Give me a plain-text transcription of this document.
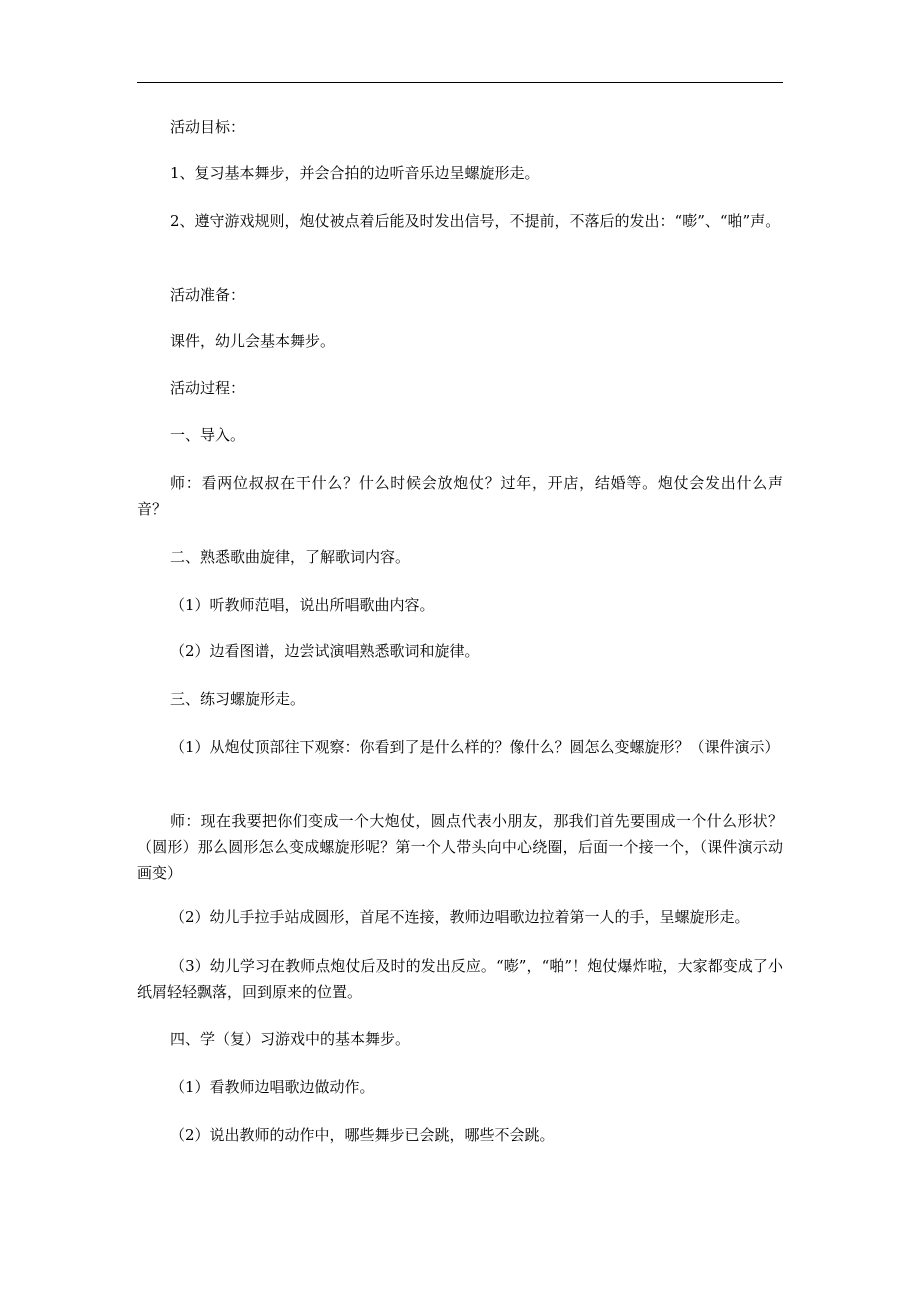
活动目标：
1、复习基本舞步，并会合拍的边听音乐边呈螺旋形走。
2、遵守游戏规则，炮仗被点着后能及时发出信号，不提前，不落后的发出：“嘭”、“啪”声。
活动准备：
课件，幼儿会基本舞步。
活动过程：
一、导入。
师：看两位叔叔在干什么？什么时候会放炮仗？过年，开店，结婚等。炮仗会发出什么声音？
二、熟悉歌曲旋律，了解歌词内容。
（1）听教师范唱，说出所唱歌曲内容。
（2）边看图谱，边尝试演唱熟悉歌词和旋律。
三、练习螺旋形走。
（1）从炮仗顶部往下观察：你看到了是什么样的？像什么？圆怎么变螺旋形？（课件演示）
师：现在我要把你们变成一个大炮仗，圆点代表小朋友，那我们首先要围成一个什么形状？（圆形）那么圆形怎么变成螺旋形呢？第一个人带头向中心绕圈，后面一个接一个，（课件演示动画变）
（2）幼儿手拉手站成圆形，首尾不连接，教师边唱歌边拉着第一人的手，呈螺旋形走。
（3）幼儿学习在教师点炮仗后及时的发出反应。“嘭”，“啪”！炮仗爆炸啦，大家都变成了小纸屑轻轻飘落，回到原来的位置。
四、学（复）习游戏中的基本舞步。
（1）看教师边唱歌边做动作。
（2）说出教师的动作中，哪些舞步已会跳，哪些不会跳。
